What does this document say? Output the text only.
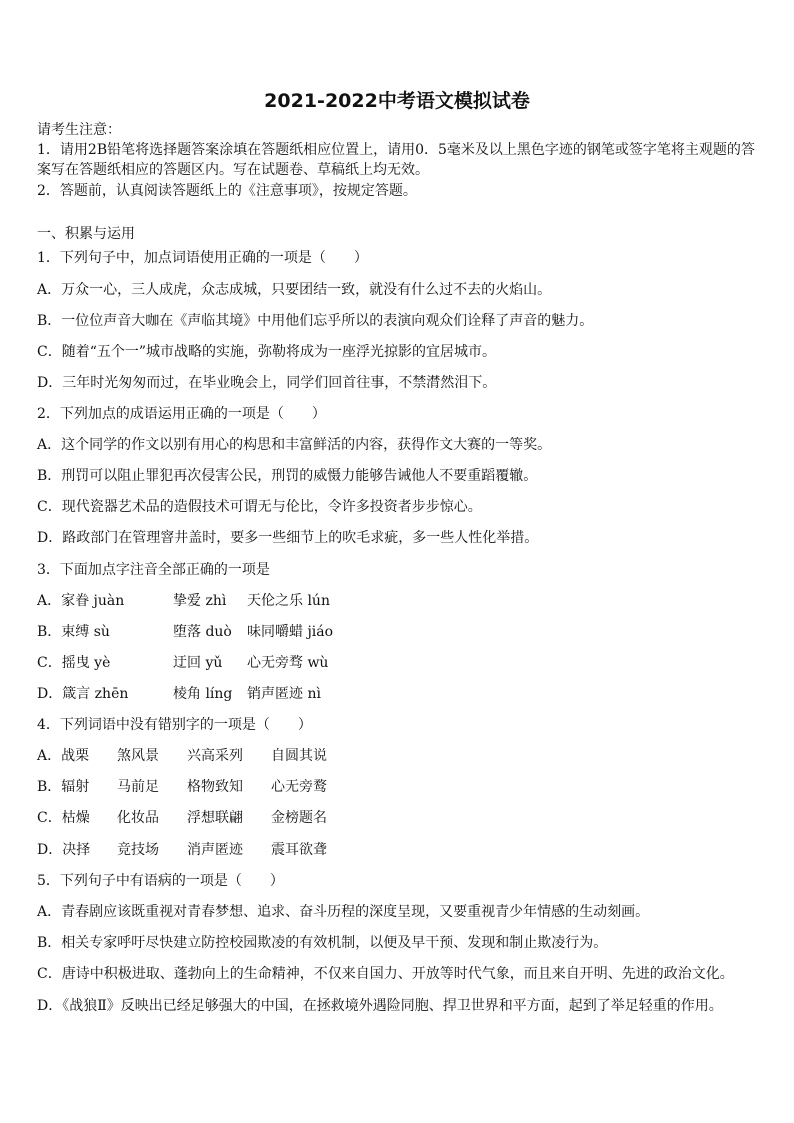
2021-2022中考语文模拟试卷
请考生注意：
1．请用2B铅笔将选择题答案涂填在答题纸相应位置上，请用0．5毫米及以上黑色字迹的钢笔或签字笔将主观题的答
案写在答题纸相应的答题区内。写在试题卷、草稿纸上均无效。
2．答题前，认真阅读答题纸上的《注意事项》，按规定答题。
一、积累与运用
1．下列句子中，加点词语使用正确的一项是（　　）
A．万众一心，三人成虎，众志成城，只要团结一致，就没有什么过不去的火焰山。
B．一位位声音大咖在《声临其境》中用他们忘乎所以的表演向观众们诠释了声音的魅力。
C．随着“五个一”城市战略的实施，弥勒将成为一座浮光掠影的宜居城市。
D．三年时光匆匆而过，在毕业晚会上，同学们回首往事，不禁潸然泪下。
2．下列加点的成语运用正确的一项是（　　）
A．这个同学的作文以别有用心的构思和丰富鲜活的内容，获得作文大赛的一等奖。
B．刑罚可以阻止罪犯再次侵害公民，刑罚的威慑力能够告诫他人不要重蹈覆辙。
C．现代瓷器艺术品的造假技术可谓无与伦比，令许多投资者步步惊心。
D．路政部门在管理窨井盖时，要多一些细节上的吹毛求疵，多一些人性化举措。
3．下面加点字注音全部正确的一项是
A．家眷 juàn	挚爱 zhì 天伦之乐 lún
B．束缚 sù	堕落 duò 味同嚼蜡 jiáo
C．摇曳 yè	迂回 yǔ 心无旁骛 wù
D．箴言 zhēn	棱角 líng 销声匿迹 nì
4．下列词语中没有错别字的一项是（　　）
A．战栗 煞风景 兴高采列 自圆其说
B．辐射 马前足 格物致知 心无旁鹜
C．枯燥 化妆品 浮想联翩 金榜题名
D．决择 竞技场 消声匿迹 震耳欲聋
5．下列句子中有语病的一项是（　　）
A．青春剧应该既重视对青春梦想、追求、奋斗历程的深度呈现，又要重视青少年情感的生动刻画。
B．相关专家呼吁尽快建立防控校园欺凌的有效机制，以便及早干预、发现和制止欺凌行为。
C．唐诗中积极进取、蓬勃向上的生命精神，不仅来自国力、开放等时代气象，而且来自开明、先进的政治文化。
D．《战狼Ⅱ》反映出已经足够强大的中国，在拯救境外遇险同胞、捍卫世界和平方面，起到了举足轻重的作用。
